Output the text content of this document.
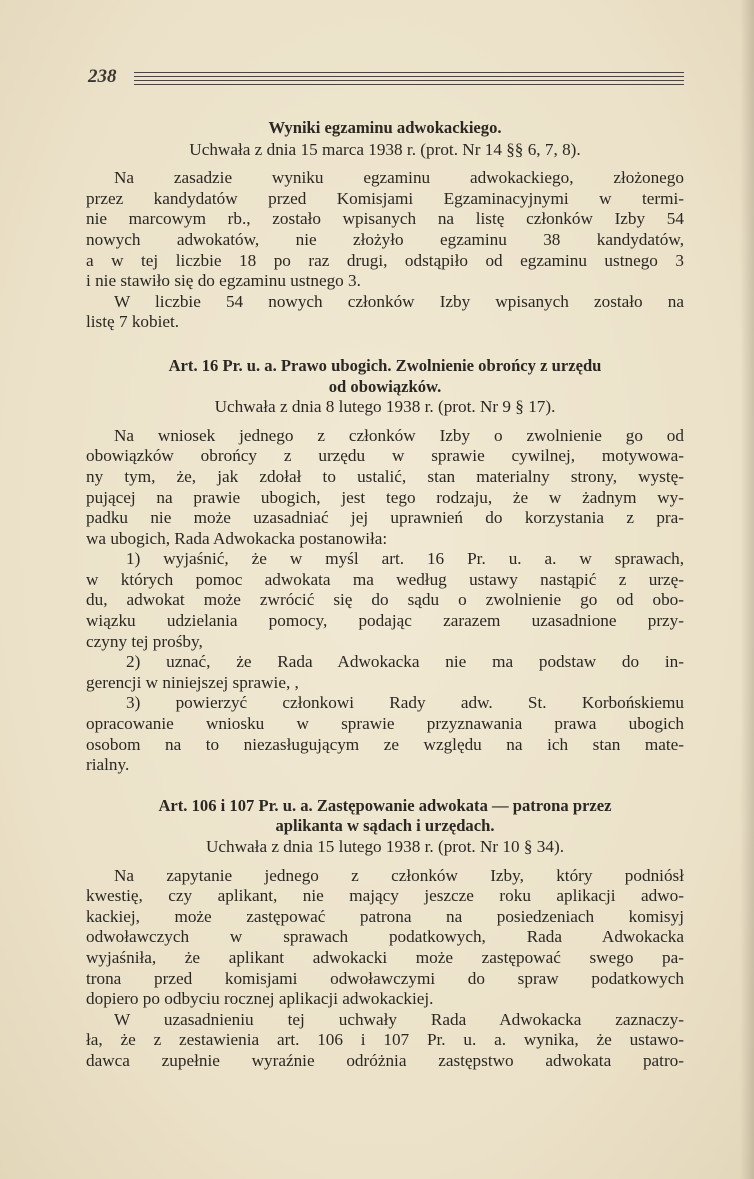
238
Wyniki egzaminu adwokackiego.
Uchwała z dnia 15 marca 1938 r. (prot. Nr 14 §§ 6, 7, 8).

Na zasadzie wyniku egzaminu adwokackiego, złożonego

przez kandydatów przed Komisjami Egzaminacyjnymi w termi-

nie marcowym rb., zostało wpisanych na listę członków Izby 54

nowych adwokatów, nie złożyło egzaminu 38 kandydatów,

a w tej liczbie 18 po raz drugi, odstąpiło od egzaminu ustnego 3

i nie stawiło się do egzaminu ustnego 3.

W liczbie 54 nowych członków Izby wpisanych zostało na

listę 7 kobiet.

Art. 16 Pr. u. a. Prawo ubogich. Zwolnienie obrońcy z urzędu
od obowiązków.
Uchwała z dnia 8 lutego 1938 r. (prot. Nr 9 § 17).

Na wniosek jednego z członków Izby o zwolnienie go od

obowiązków obrońcy z urzędu w sprawie cywilnej, motywowa-

ny tym, że, jak zdołał to ustalić, stan materialny strony, wystę-

pującej na prawie ubogich, jest tego rodzaju, że w żadnym wy-

padku nie może uzasadniać jej uprawnień do korzystania z pra-

wa ubogich, Rada Adwokacka postanowiła:

1) wyjaśnić, że w myśl art. 16 Pr. u. a. w sprawach,

w których pomoc adwokata ma według ustawy nastąpić z urzę-

du, adwokat może zwrócić się do sądu o zwolnienie go od obo-

wiązku udzielania pomocy, podając zarazem uzasadnione przy-

czyny tej prośby,

2) uznać, że Rada Adwokacka nie ma podstaw do in-

gerencji w niniejszej sprawie, ,

3) powierzyć członkowi Rady adw. St. Korbońskiemu

opracowanie wniosku w sprawie przyznawania prawa ubogich

osobom na to niezasługującym ze względu na ich stan mate-

rialny.

Art. 106 i 107 Pr. u. a. Zastępowanie adwokata — patrona przez
aplikanta w sądach i urzędach.
Uchwała z dnia 15 lutego 1938 r. (prot. Nr 10 § 34).

Na zapytanie jednego z członków Izby, który podniósł

kwestię, czy aplikant, nie mający jeszcze roku aplikacji adwo-

kackiej, może zastępować patrona na posiedzeniach komisyj

odwoławczych w sprawach podatkowych, Rada Adwokacka

wyjaśniła, że aplikant adwokacki może zastępować swego pa-

trona przed komisjami odwoławczymi do spraw podatkowych

dopiero po odbyciu rocznej aplikacji adwokackiej.

W uzasadnieniu tej uchwały Rada Adwokacka zaznaczy-

ła, że z zestawienia art. 106 i 107 Pr. u. a. wynika, że ustawo-

dawca zupełnie wyraźnie odróżnia zastępstwo adwokata patro-
